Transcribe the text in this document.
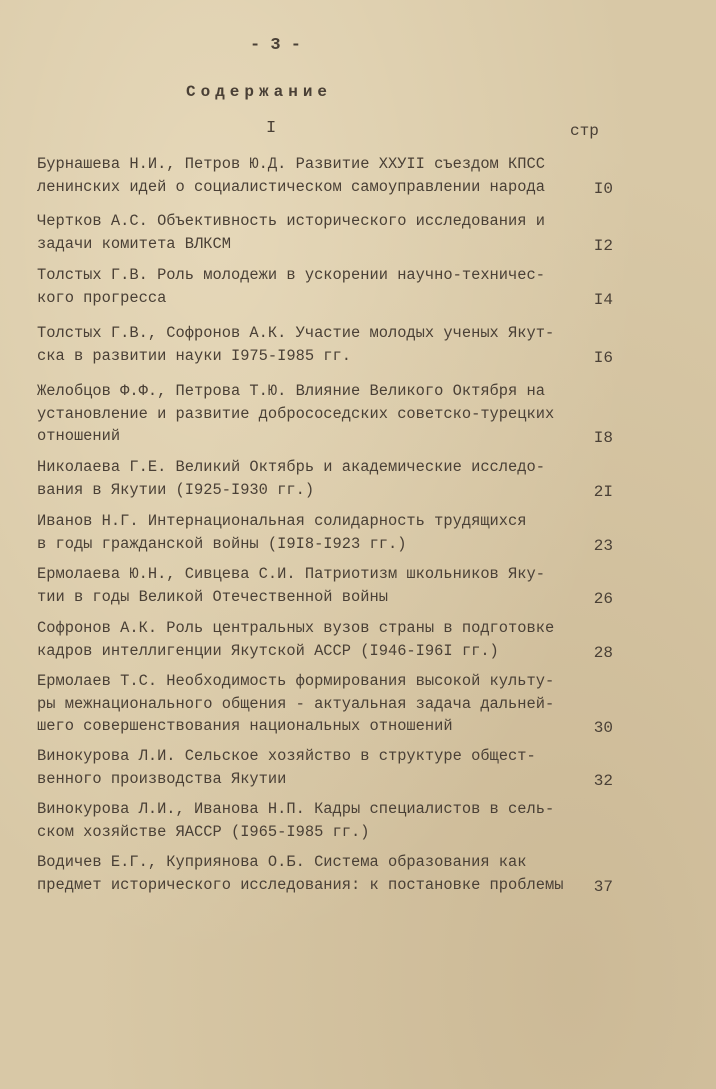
- 3 -
Содержание
I	стр
Бурнашева Н.И., Петров Ю.Д. Развитие XXУII съездом КПСС
ленинских идей о социалистическом самоуправлении народа	I0
Чертков А.С. Объективность исторического исследования и
задачи комитета ВЛКСМ	I2
Толстых Г.В. Роль молодежи в ускорении научно-техничес-
кого прогресса	I4
Толстых Г.В., Софронов А.К. Участие молодых ученых Якут-
ска в развитии науки I975-I985 гг.	I6
Желобцов Ф.Ф., Петрова Т.Ю. Влияние Великого Октября на
установление и развитие добрососедских советско-турецких
отношений	I8
Николаева Г.Е. Великий Октябрь и академические исследо-
вания в Якутии (I925-I930 гг.)	2I
Иванов Н.Г. Интернациональная солидарность трудящихся
в годы гражданской войны (I9I8-I923 гг.)	23
Ермолаева Ю.Н., Сивцева С.И. Патриотизм школьников Яку-
тии в годы Великой Отечественной войны	26
Софронов А.К. Роль центральных вузов страны в подготовке
кадров интеллигенции Якутской АССР (I946-I96I гг.)	28
Ермолаев Т.С. Необходимость формирования высокой культу-
ры межнационального общения - актуальная задача дальней-
шего совершенствования национальных отношений	30
Винокурова Л.И. Сельское хозяйство в структуре общест-
венного производства Якутии	32
Винокурова Л.И., Иванова Н.П. Кадры специалистов в сель-
ском хозяйстве ЯАССР (I965-I985 гг.)
Водичев Е.Г., Куприянова О.Б. Система образования как
предмет исторического исследования: к постановке проблемы	37
